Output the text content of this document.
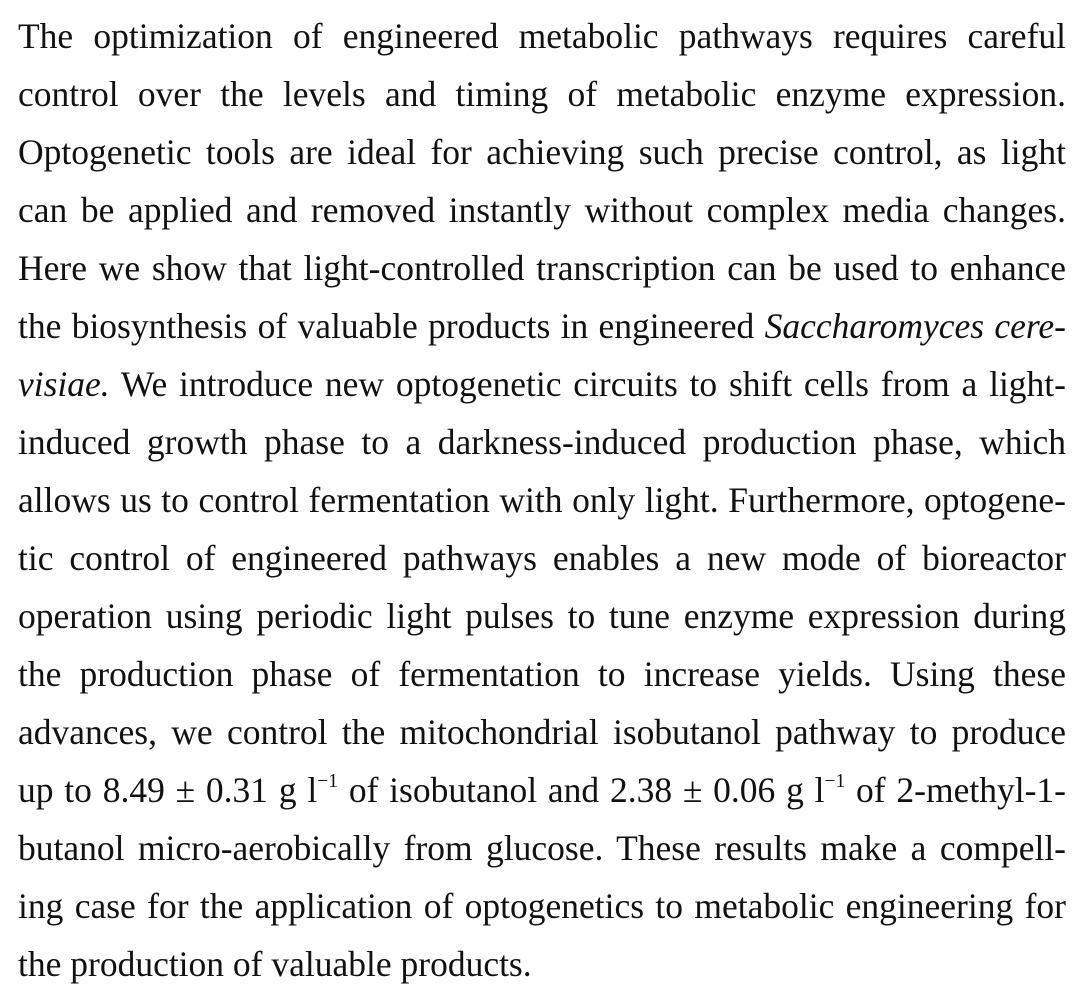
The optimization of engineered metabolic pathways requires careful
control over the levels and timing of metabolic enzyme expression.
Optogenetic tools are ideal for achieving such precise control, as light
can be applied and removed instantly without complex media changes.
Here we show that light-controlled transcription can be used to enhance
the biosynthesis of valuable products in engineered Saccharomyces cere-
visiae. We introduce new optogenetic circuits to shift cells from a light-
induced growth phase to a darkness-induced production phase, which
allows us to control fermentation with only light. Furthermore, optogene-
tic control of engineered pathways enables a new mode of bioreactor
operation using periodic light pulses to tune enzyme expression during
the production phase of fermentation to increase yields. Using these
advances, we control the mitochondrial isobutanol pathway to produce
up to 8.49 ± 0.31 g $l^{-1}$ of isobutanol and 2.38 ± 0.06 g $l^{-1}$ of 2-methyl-1-
butanol micro-aerobically from glucose. These results make a compell-
ing case for the application of optogenetics to metabolic engineering for
the production of valuable products.
